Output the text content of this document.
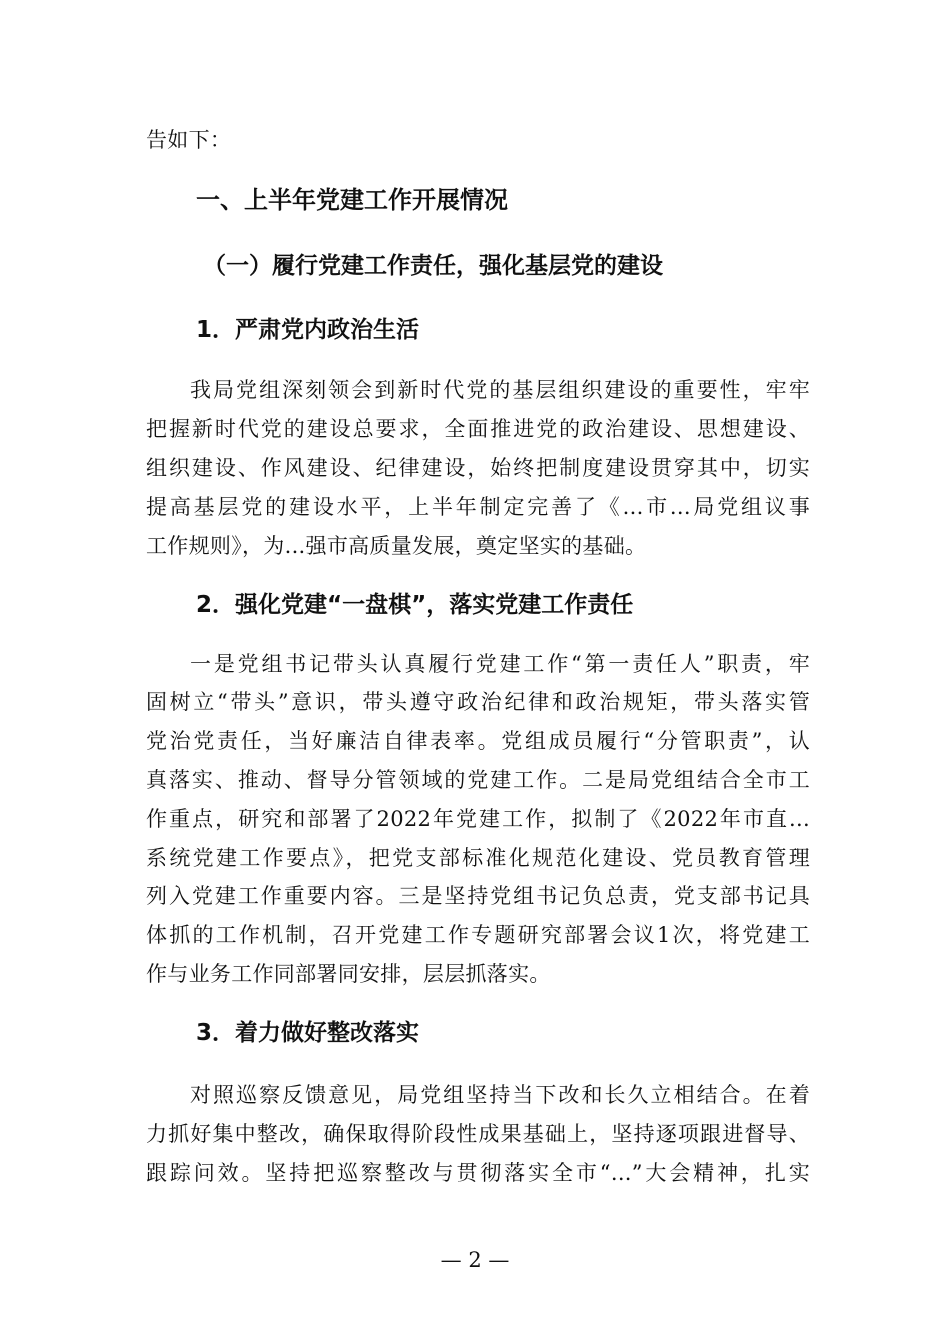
告如下：
一、上半年党建工作开展情况
（一）履行党建工作责任，强化基层党的建设
1．严肃党内政治生活
我局党组深刻领会到新时代党的基层组织建设的重要性，牢牢
把握新时代党的建设总要求，全面推进党的政治建设、思想建设、
组织建设、作风建设、纪律建设，始终把制度建设贯穿其中，切实
提高基层党的建设水平，上半年制定完善了《...市...局党组议事
工作规则》，为...强市高质量发展，奠定坚实的基础。
2．强化党建“一盘棋”，落实党建工作责任
一是党组书记带头认真履行党建工作“第一责任人”职责，牢
固树立“带头”意识，带头遵守政治纪律和政治规矩，带头落实管
党治党责任，当好廉洁自律表率。党组成员履行“分管职责”，认
真落实、推动、督导分管领域的党建工作。二是局党组结合全市工
作重点，研究和部署了2022年党建工作，拟制了《2022年市直...
系统党建工作要点》，把党支部标准化规范化建设、党员教育管理
列入党建工作重要内容。三是坚持党组书记负总责，党支部书记具
体抓的工作机制，召开党建工作专题研究部署会议1次，将党建工
作与业务工作同部署同安排，层层抓落实。
3．着力做好整改落实
对照巡察反馈意见，局党组坚持当下改和长久立相结合。在着
力抓好集中整改，确保取得阶段性成果基础上，坚持逐项跟进督导、
跟踪问效。坚持把巡察整改与贯彻落实全市“...”大会精神，扎实
— 2 —
